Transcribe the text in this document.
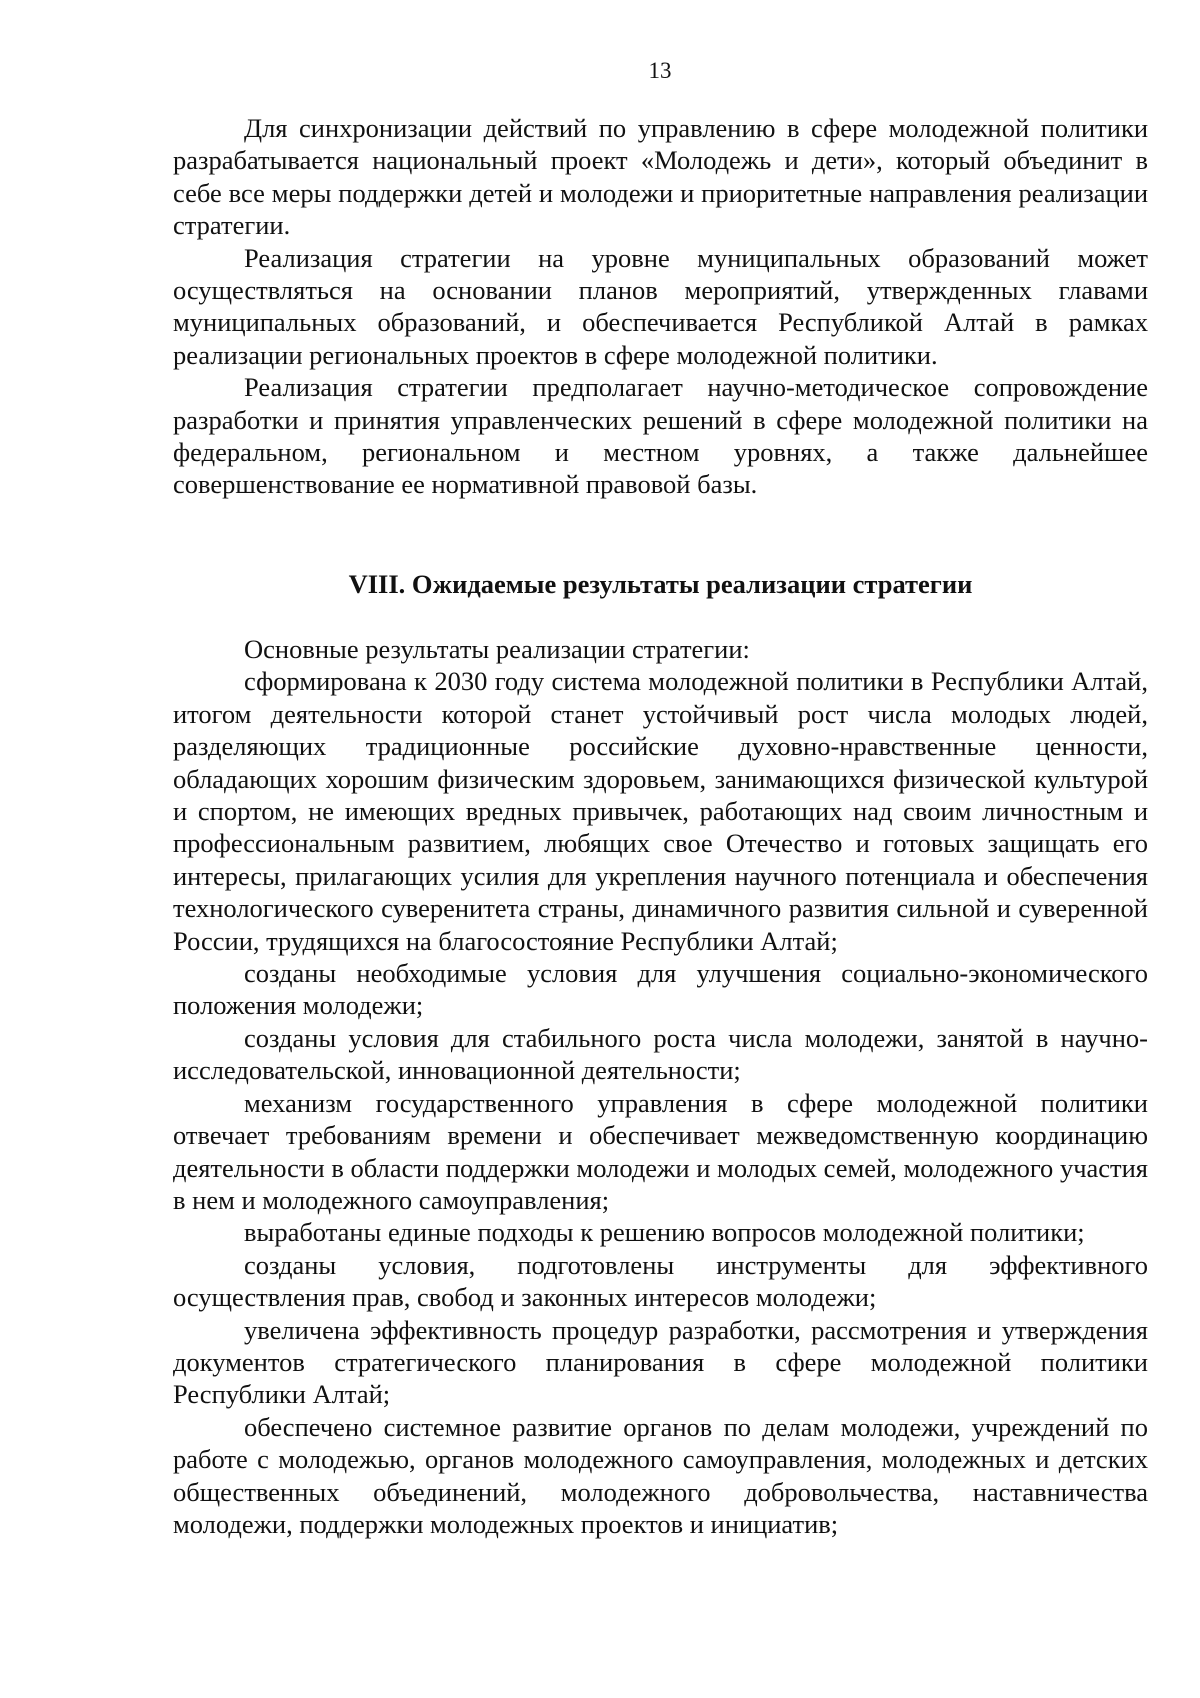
13

Для синхронизации действий по управлению в сфере молодежной политики разрабатывается национальный проект «Молодежь и дети», который объединит в себе все меры поддержки детей и молодежи и приоритетные направления реализации стратегии.

Реализация стратегии на уровне муниципальных образований может осуществляться на основании планов мероприятий, утвержденных главами муниципальных образований, и обеспечивается Республикой Алтай в рамках реализации региональных проектов в сфере молодежной политики.

Реализация стратегии предполагает научно-методическое сопровождение разработки и принятия управленческих решений в сфере молодежной политики на федеральном, региональном и местном уровнях, а также дальнейшее совершенствование ее нормативной правовой базы.

VIII. Ожидаемые результаты реализации стратегии

Основные результаты реализации стратегии:

сформирована к 2030 году система молодежной политики в Республики Алтай, итогом деятельности которой станет устойчивый рост числа молодых людей, разделяющих традиционные российские духовно-нравственные ценности, обладающих хорошим физическим здоровьем, занимающихся физической культурой и спортом, не имеющих вредных привычек, работающих над своим личностным и профессиональным развитием, любящих свое Отечество и готовых защищать его интересы, прилагающих усилия для укрепления научного потенциала и обеспечения технологического суверенитета страны, динамичного развития сильной и суверенной России, трудящихся на благосостояние Республики Алтай;

созданы необходимые условия для улучшения социально-экономического положения молодежи;

созданы условия для стабильного роста числа молодежи, занятой в научно-исследовательской, инновационной деятельности;

механизм государственного управления в сфере молодежной политики отвечает требованиям времени и обеспечивает межведомственную координацию деятельности в области поддержки молодежи и молодых семей, молодежного участия в нем и молодежного самоуправления;

выработаны единые подходы к решению вопросов молодежной политики;

созданы условия, подготовлены инструменты для эффективного осуществления прав, свобод и законных интересов молодежи;

увеличена эффективность процедур разработки, рассмотрения и утверждения документов стратегического планирования в сфере молодежной политики Республики Алтай;

обеспечено системное развитие органов по делам молодежи, учреждений по работе с молодежью, органов молодежного самоуправления, молодежных и детских общественных объединений, молодежного добровольчества, наставничества молодежи, поддержки молодежных проектов и инициатив;
